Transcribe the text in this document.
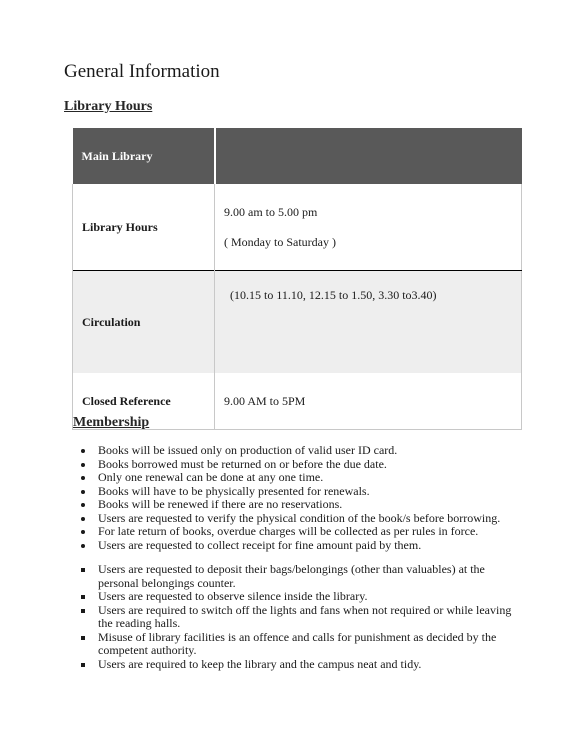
General Information
Library Hours
Main Library	
Library Hours	9.00 am to 5.00 pm
( Monday to Saturday )

Circulation	(10.15 to 11.10, 12.15 to 1.50, 3.30 to3.40)

Closed Reference	9.00 AM to 5PM
Membership
Books will be issued only on production of valid user ID card.
Books borrowed must be returned on or before the due date.
Only one renewal can be done at any one time.
Books will have to be physically presented for renewals.
Books will be renewed if there are no reservations.
Users are requested to verify the physical condition of the book/s before borrowing.
For late return of books, overdue charges will be collected as per rules in force.
Users are requested to collect receipt for fine amount paid by them.
Users are requested to deposit their bags/belongings (other than valuables) at the personal belongings counter.
Users are requested to observe silence inside the library.
Users are required to switch off the lights and fans when not required or while leaving the reading halls.
Misuse of library facilities is an offence and calls for punishment as decided by the competent authority.
Users are required to keep the library and the campus neat and tidy.
